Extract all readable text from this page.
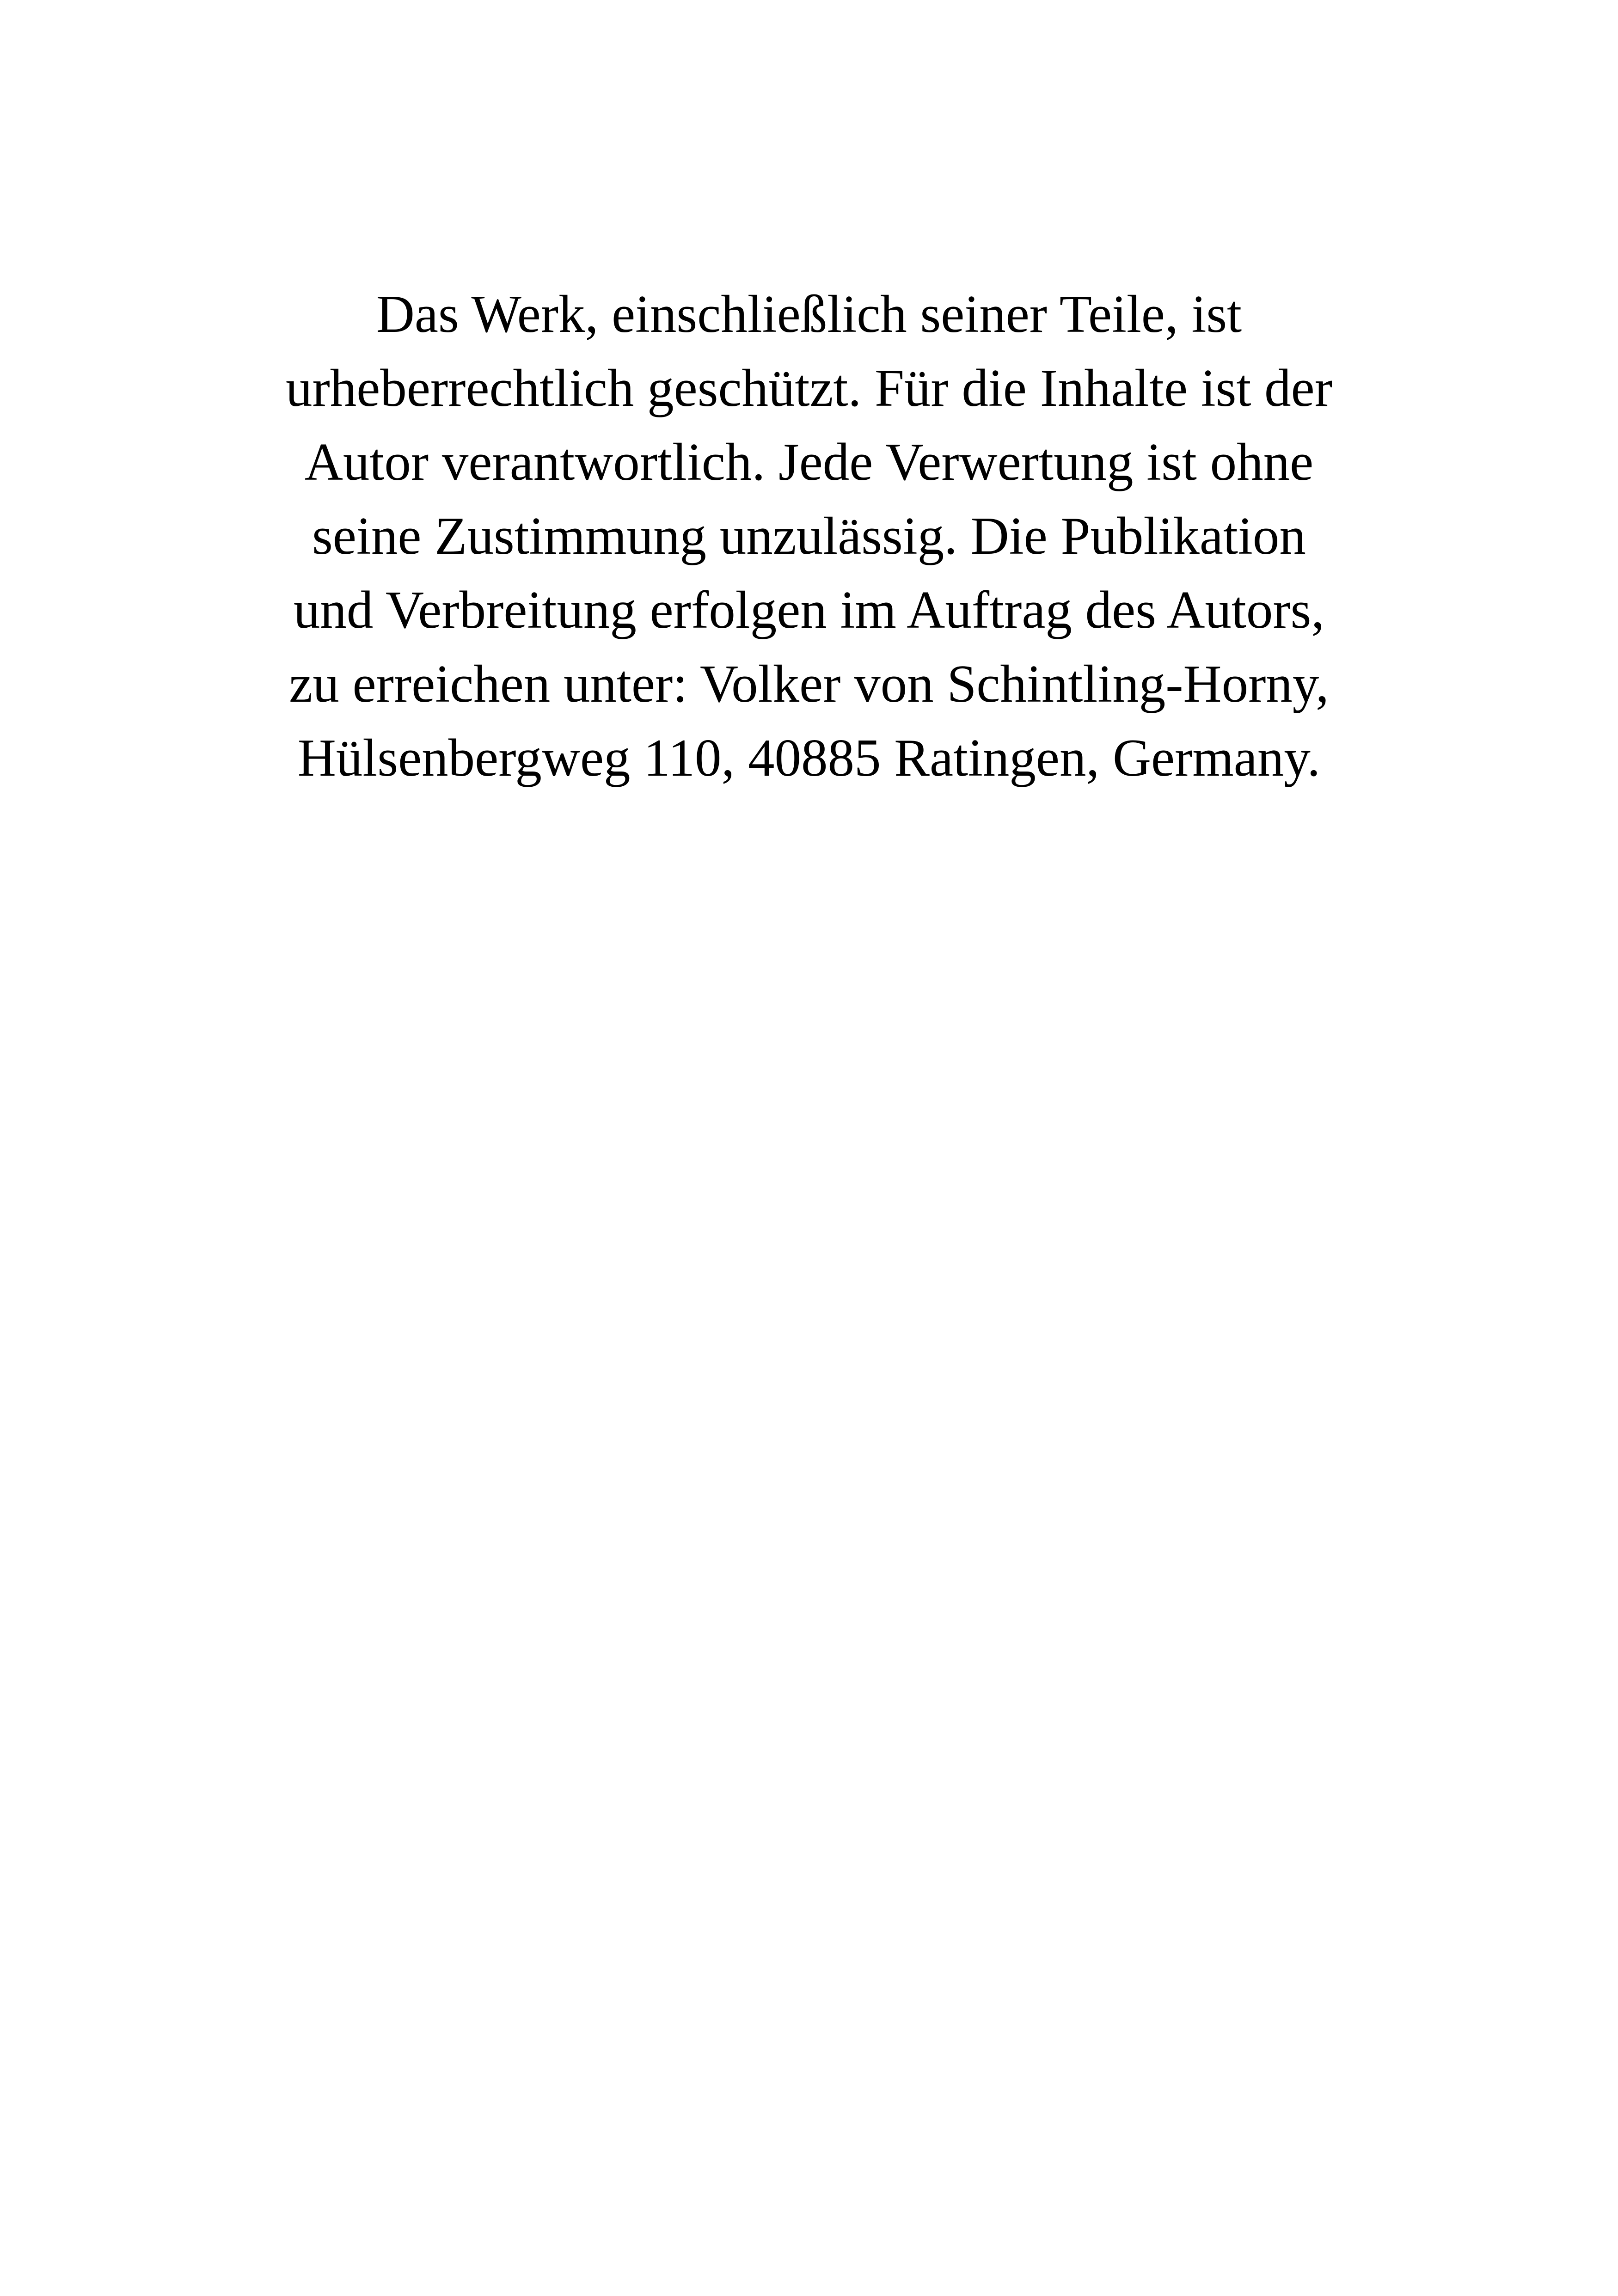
Das Werk, einschließlich seiner Teile, ist
urheberrechtlich geschützt. Für die Inhalte ist der
Autor verantwortlich. Jede Verwertung ist ohne
seine Zustimmung unzulässig. Die Publikation
und Verbreitung erfolgen im Auftrag des Autors,
zu erreichen unter: Volker von Schintling-Horny,
Hülsenbergweg 110, 40885 Ratingen, Germany.
